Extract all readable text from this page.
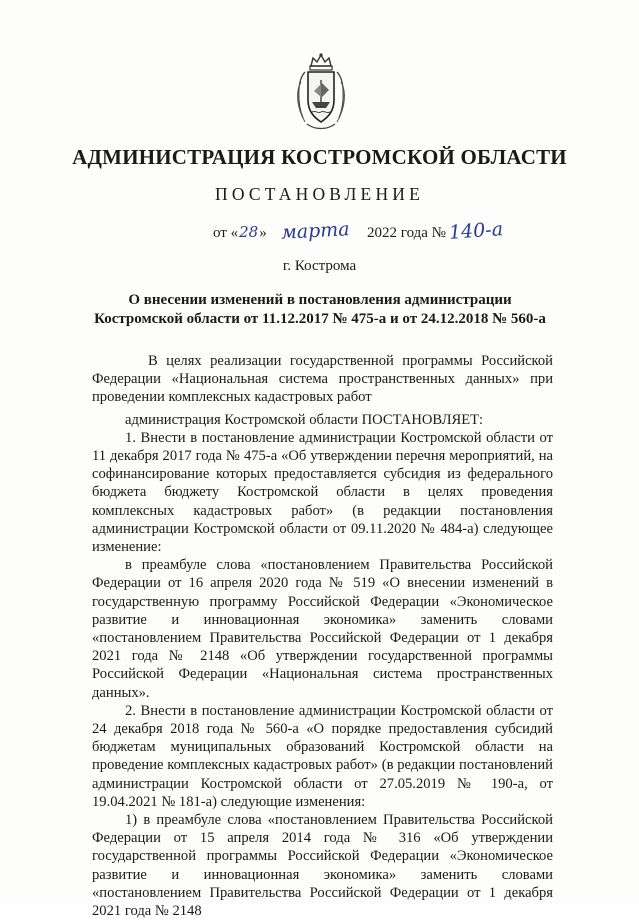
АДМИНИСТРАЦИЯ КОСТРОМСКОЙ ОБЛАСТИ
ПОСТАНОВЛЕНИЕ
от «28» марта 2022 года № 140-а
г. Кострома
О внесении изменений в постановления администрации
Костромской области от 11.12.2017 № 475-а и от 24.12.2018 № 560-а

В целях реализации государственной программы Российской Федерации «Национальная система пространственных данных» при проведении комплексных кадастровых работ

администрация Костромской области ПОСТАНОВЛЯЕТ:

1. Внести в постановление администрации Костромской области от 11 декабря 2017 года № 475-а «Об утверждении перечня мероприятий, на софинансирование которых предоставляется субсидия из федерального бюджета бюджету Костромской области в целях проведения комплексных кадастровых работ» (в редакции постановления администрации Костромской области от 09.11.2020 № 484-а) следующее изменение:

в преамбуле слова «постановлением Правительства Российской Федерации от 16 апреля 2020 года № 519 «О внесении изменений в государственную программу Российской Федерации «Экономическое развитие и инновационная экономика» заменить словами «постановлением Правительства Российской Федерации от 1 декабря 2021 года № 2148 «Об утверждении государственной программы Российской Федерации «Национальная система пространственных данных».

2. Внести в постановление администрации Костромской области от 24 декабря 2018 года № 560-а «О порядке предоставления субсидий бюджетам муниципальных образований Костромской области на проведение комплексных кадастровых работ» (в редакции постановлений администрации Костромской области от 27.05.2019 № 190-а, от 19.04.2021 № 181-а) следующие изменения:

1) в преамбуле слова «постановлением Правительства Российской Федерации от 15 апреля 2014 года № 316 «Об утверждении государственной программы Российской Федерации «Экономическое развитие и инновационная экономика» заменить словами «постановлением Правительства Российской Федерации от 1 декабря 2021 года № 2148
